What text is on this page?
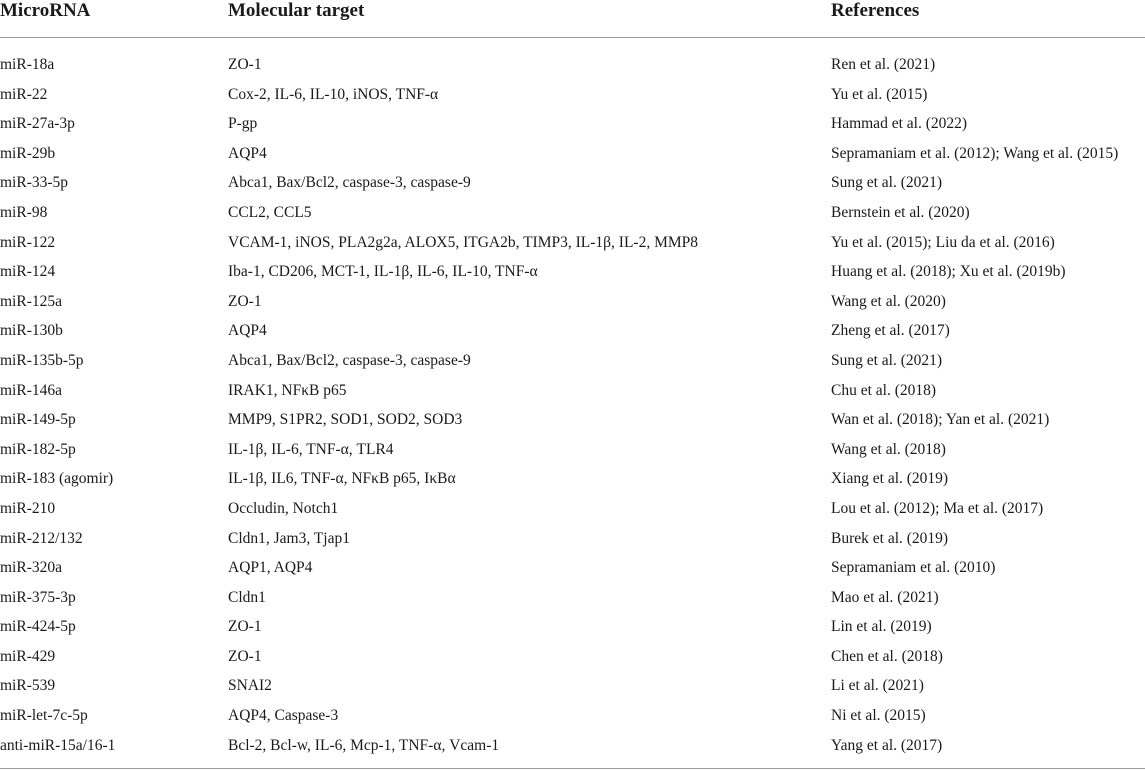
MicroRNA	Molecular target	References
miR-18a	ZO-1	Ren et al. (2021)
miR-22	Cox-2, IL-6, IL-10, iNOS, TNF-α	Yu et al. (2015)
miR-27a-3p	P-gp	Hammad et al. (2022)
miR-29b	AQP4	Sepramaniam et al. (2012); Wang et al. (2015)
miR-33-5p	Abca1, Bax/Bcl2, caspase-3, caspase-9	Sung et al. (2021)
miR-98	CCL2, CCL5	Bernstein et al. (2020)
miR-122	VCAM-1, iNOS, PLA2g2a, ALOX5, ITGA2b, TIMP3, IL-1β, IL-2, MMP8	Yu et al. (2015); Liu da et al. (2016)
miR-124	Iba-1, CD206, MCT-1, IL-1β, IL-6, IL-10, TNF-α	Huang et al. (2018); Xu et al. (2019b)
miR-125a	ZO-1	Wang et al. (2020)
miR-130b	AQP4	Zheng et al. (2017)
miR-135b-5p	Abca1, Bax/Bcl2, caspase-3, caspase-9	Sung et al. (2021)
miR-146a	IRAK1, NFκB p65	Chu et al. (2018)
miR-149-5p	MMP9, S1PR2, SOD1, SOD2, SOD3	Wan et al. (2018); Yan et al. (2021)
miR-182-5p	IL-1β, IL-6, TNF-α, TLR4	Wang et al. (2018)
miR-183 (agomir)	IL-1β, IL6, TNF-α, NFκB p65, IκBα	Xiang et al. (2019)
miR-210	Occludin, Notch1	Lou et al. (2012); Ma et al. (2017)
miR-212/132	Cldn1, Jam3, Tjap1	Burek et al. (2019)
miR-320a	AQP1, AQP4	Sepramaniam et al. (2010)
miR-375-3p	Cldn1	Mao et al. (2021)
miR-424-5p	ZO-1	Lin et al. (2019)
miR-429	ZO-1	Chen et al. (2018)
miR-539	SNAI2	Li et al. (2021)
miR-let-7c-5p	AQP4, Caspase-3	Ni et al. (2015)
anti-miR-15a/16-1	Bcl-2, Bcl-w, IL-6, Mcp-1, TNF-α, Vcam-1	Yang et al. (2017)
